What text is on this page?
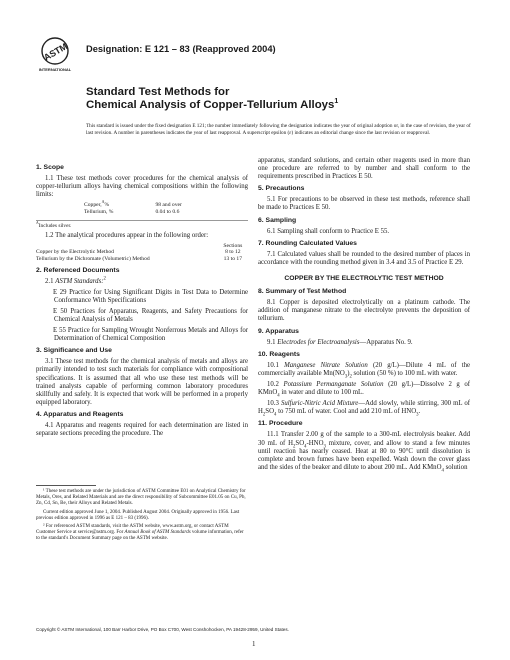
ASTM
INTERNATIONAL
Designation: E 121 – 83 (Reapproved 2004)
Standard Test Methods for
Chemical Analysis of Copper-Tellurium Alloys$^1$
This standard is issued under the fixed designation E 121; the number immediately following the designation indicates the year of original adoption or, in the case of revision, the year of last revision. A number in parentheses indicates the year of last reapproval. A superscript epsilon (ε) indicates an editorial change since the last revision or reapproval.
1. Scope

1.1 These test methods cover procedures for the chemical analysis of copper-tellurium alloys having chemical compositions within the following limits:

Copper,$^A$%	98 and over
Tellurium, %	0.04 to 0.6
$^A$Includes silver.

1.2 The analytical procedures appear in the following order:

	Sections
Copper by the Electrolytic Method	8 to 12
Tellurium by the Dichromate (Volumetric) Method	13 to 17
2. Referenced Documents

2.1 ASTM Standards:$^2$

E 29 Practice for Using Significant Digits in Test Data to Determine Conformance With Specifications

E 50 Practices for Apparatus, Reagents, and Safety Precautions for Chemical Analysis of Metals

E 55 Practice for Sampling Wrought Nonferrous Metals and Alloys for Determination of Chemical Composition

3. Significance and Use

3.1 These test methods for the chemical analysis of metals and alloys are primarily intended to test such materials for compliance with compositional specifications. It is assumed that all who use these test methods will be trained analysts capable of performing common laboratory procedures skillfully and safely. It is expected that work will be performed in a properly equipped laboratory.

4. Apparatus and Reagents

4.1 Apparatus and reagents required for each determination are listed in separate sections preceding the procedure. The

¹ These test methods are under the jurisdiction of ASTM Committee E01 on Analytical Chemistry for Metals, Ores, and Related Materials and are the direct responsibility of Subcommittee E01.05 on Cu, Pb, Zn, Cd, Sn, Be, their Alloys and Related Metals.

Current edition approved June 1, 2004. Published August 2004. Originally approved in 1956. Last previous edition approved in 1996 as E 121 – 83 (1996).

² For referenced ASTM standards, visit the ASTM website, www.astm.org, or contact ASTM Customer Service at service@astm.org. For Annual Book of ASTM Standards volume information, refer to the standard's Document Summary page on the ASTM website.

apparatus, standard solutions, and certain other reagents used in more than one procedure are referred to by number and shall conform to the requirements prescribed in Practices E 50.

5. Precautions

5.1 For precautions to be observed in these test methods, reference shall be made to Practices E 50.

6. Sampling

6.1 Sampling shall conform to Practice E 55.

7. Rounding Calculated Values

7.1 Calculated values shall be rounded to the desired number of places in accordance with the rounding method given in 3.4 and 3.5 of Practice E 29.

COPPER BY THE ELECTROLYTIC TEST METHOD
8. Summary of Test Method

8.1 Copper is deposited electrolytically on a platinum cathode. The addition of manganese nitrate to the electrolyte prevents the deposition of tellurium.

9. Apparatus

9.1 Electrodes for Electroanalysis—Apparatus No. 9.

10. Reagents

10.1 Manganese Nitrate Solution (20 g/L)—Dilute 4 mL of the commercially available $Mn(NO_3)_2$ solution (50 %) to 100 mL with water.

10.2 Potassium Permanganate Solution (20 g/L)—Dissolve 2 g of KMnO$_4$ in water and dilute to 100 mL.

10.3 Sulfuric-Nitric Acid Mixture—Add slowly, while stirring, 300 mL of $H_2SO_4$ to 750 mL of water. Cool and add 210 mL of $HNO_3$.

11. Procedure

11.1 Transfer 2.00 g of the sample to a 300-mL electrolysis beaker. Add 30 mL of $H_2SO_4-HNO_3$ mixture, cover, and allow to stand a few minutes until reaction has nearly ceased. Heat at 80 to 90°C until dissolution is complete and brown fumes have been expelled. Wash down the cover glass and the sides of the beaker and dilute to about 200 mL. Add KMnO$_4$ solution

Copyright © ASTM International, 100 Barr Harbor Drive, PO Box C700, West Conshohocken, PA 19428-2959, United States.
1
